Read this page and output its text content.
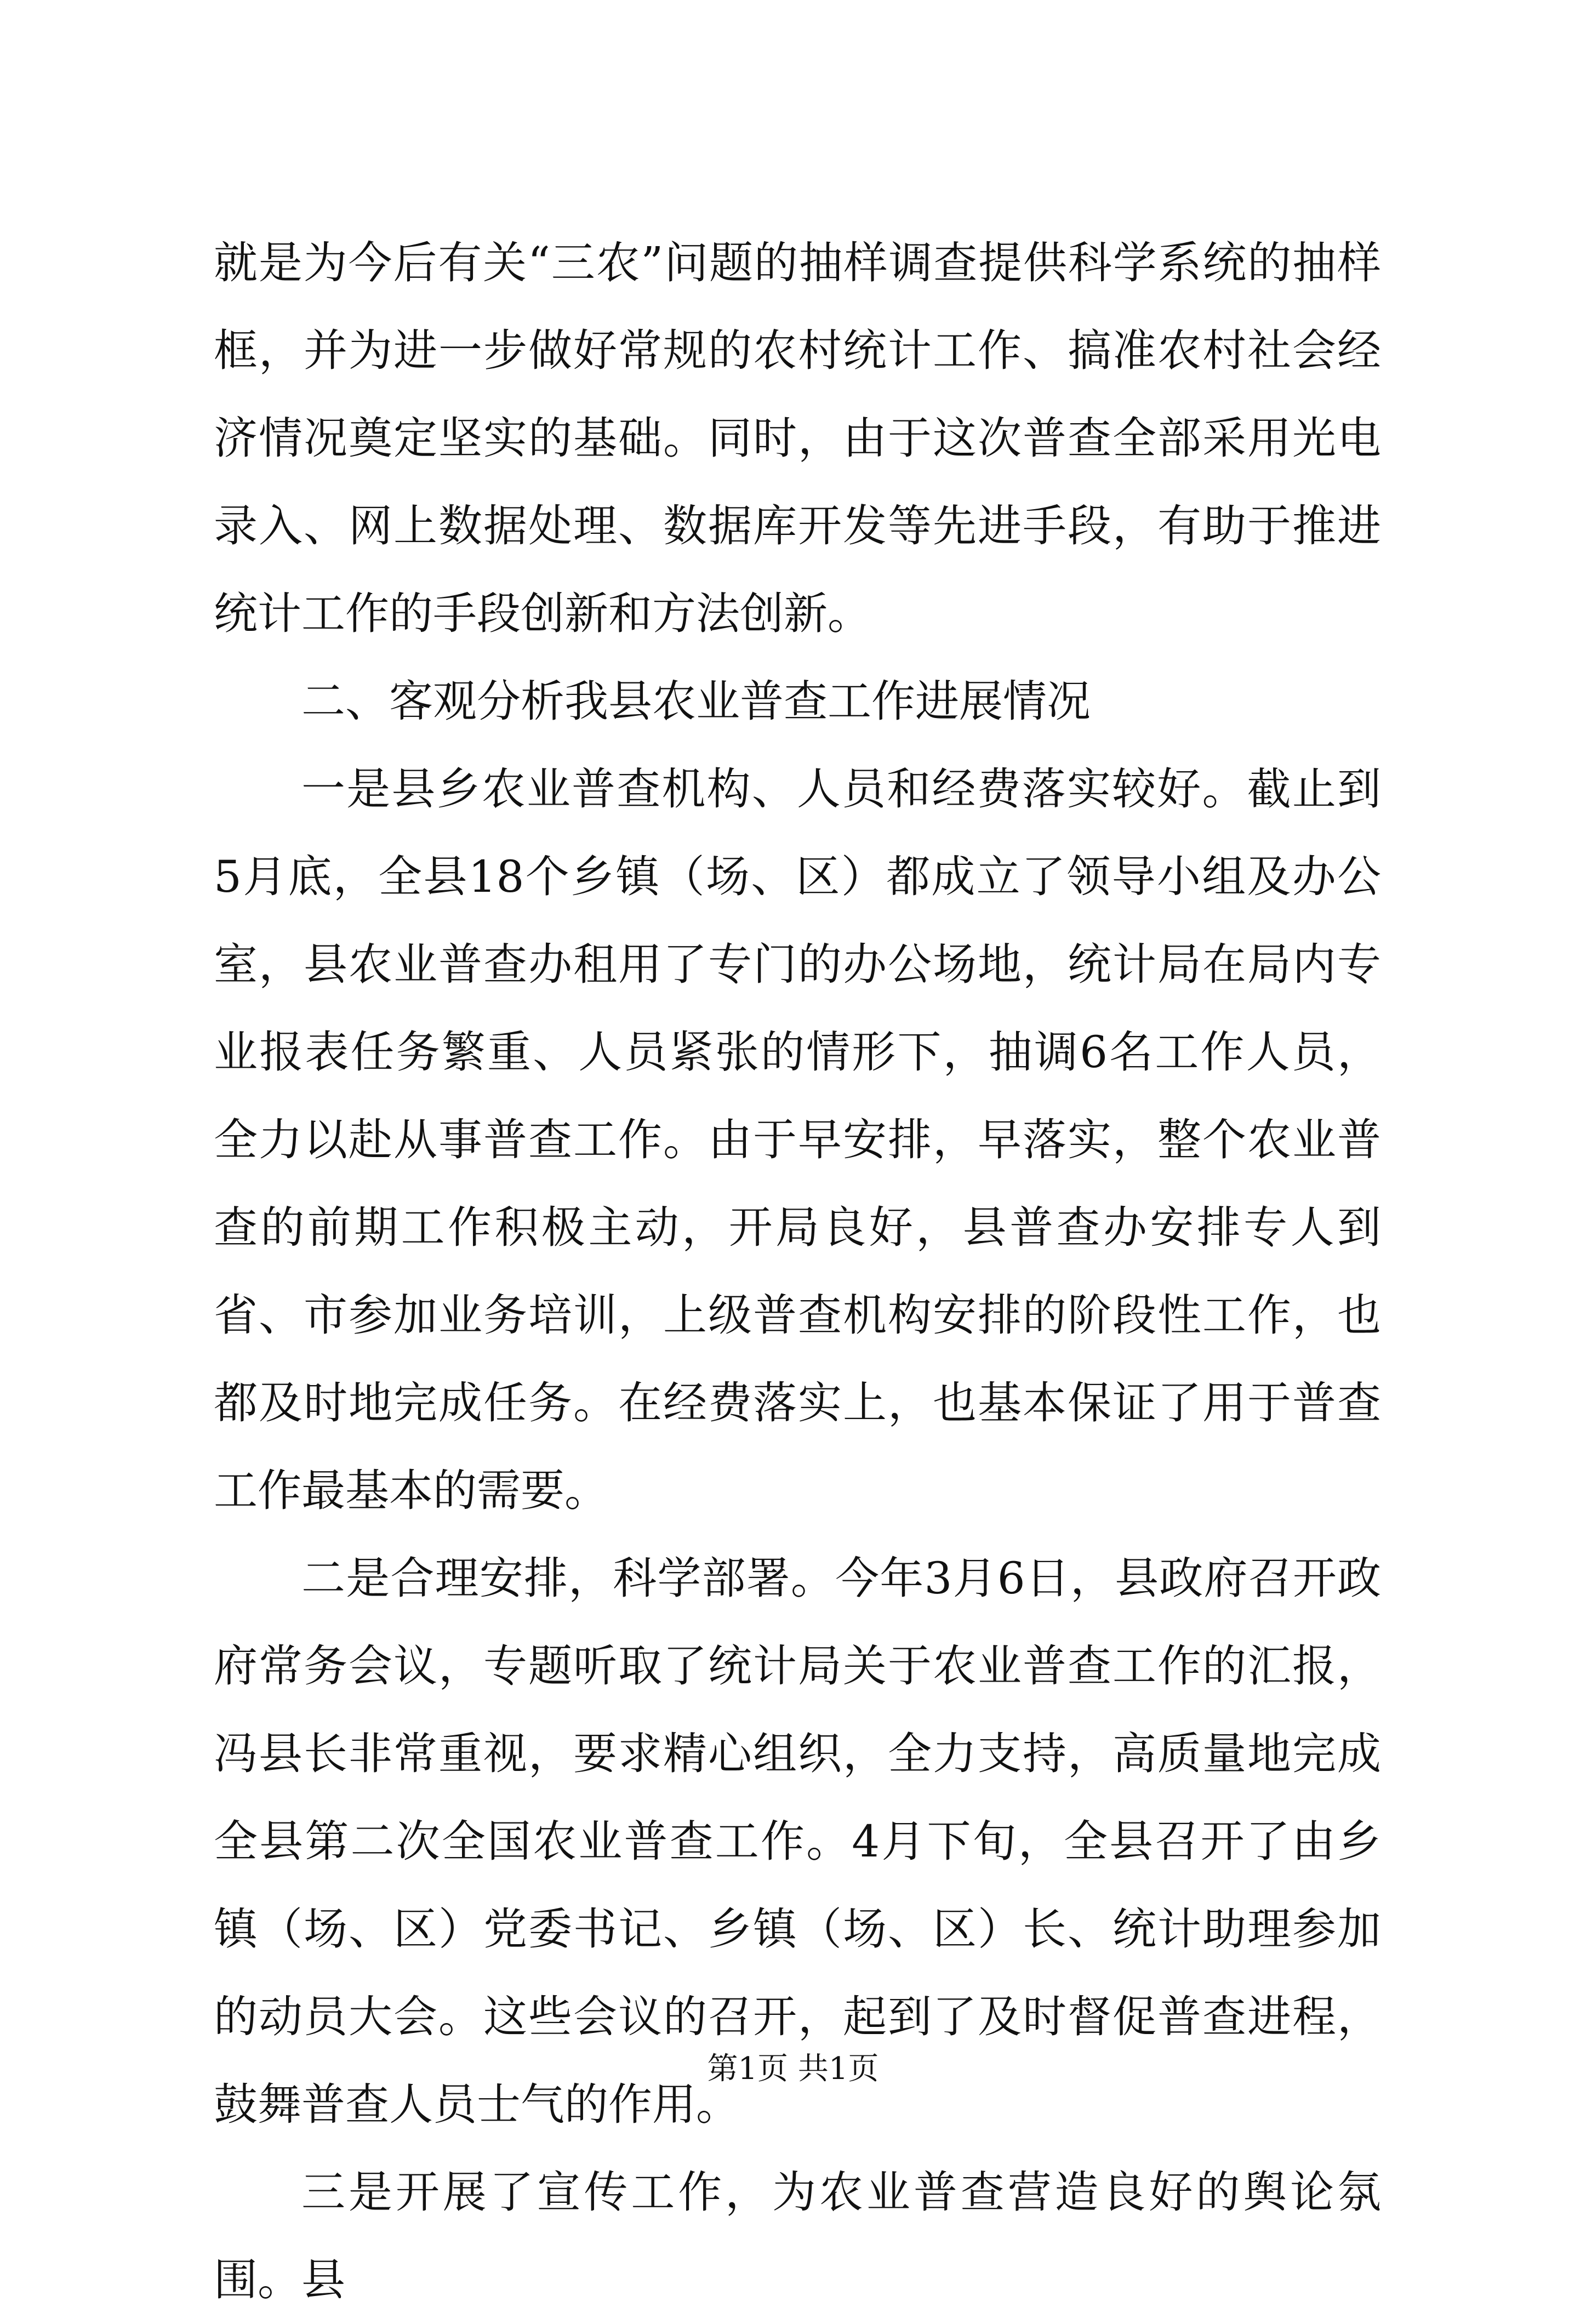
就是为今后有关“三农”问题的抽样调查提供科学系统的抽样框，并为进一步做好常规的农村统计工作、搞准农村社会经济情况奠定坚实的基础。同时，由于这次普查全部采用光电录入、网上数据处理、数据库开发等先进手段，有助于推进统计工作的手段创新和方法创新。

二、客观分析我县农业普查工作进展情况

一是县乡农业普查机构、人员和经费落实较好。截止到5月底，全县18个乡镇（场、区）都成立了领导小组及办公室，县农业普查办租用了专门的办公场地，统计局在局内专业报表任务繁重、人员紧张的情形下，抽调6名工作人员，全力以赴从事普查工作。由于早安排，早落实，整个农业普查的前期工作积极主动，开局良好，县普查办安排专人到省、市参加业务培训，上级普查机构安排的阶段性工作，也都及时地完成任务。在经费落实上，也基本保证了用于普查工作最基本的需要。

二是合理安排，科学部署。今年3月6日，县政府召开政府常务会议，专题听取了统计局关于农业普查工作的汇报，冯县长非常重视，要求精心组织，全力支持，高质量地完成全县第二次全国农业普查工作。4月下旬，全县召开了由乡镇（场、区）党委书记、乡镇（场、区）长、统计助理参加的动员大会。这些会议的召开，起到了及时督促普查进程，鼓舞普查人员士气的作用。

三是开展了宣传工作，为农业普查营造良好的舆论氛围。县

第1页 共1页
